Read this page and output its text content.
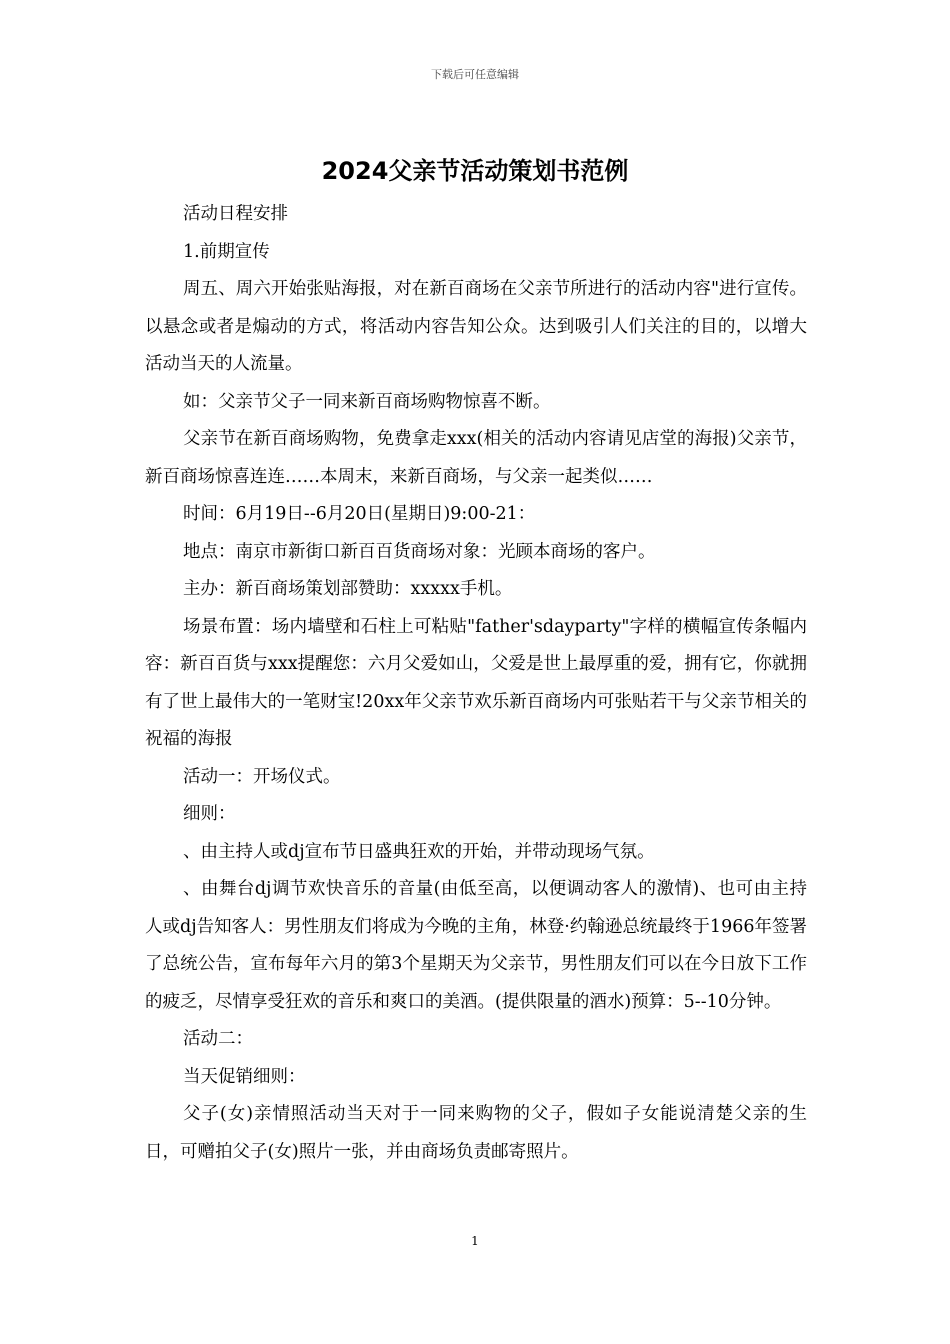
下载后可任意编辑
2024父亲节活动策划书范例

活动日程安排

1.前期宣传

周五、周六开始张贴海报，对在新百商场在父亲节所进行的活动内容"进行宣传。以悬念或者是煽动的方式，将活动内容告知公众。达到吸引人们关注的目的，以增大活动当天的人流量。

如：父亲节父子一同来新百商场购物惊喜不断。

父亲节在新百商场购物，免费拿走xxx(相关的活动内容请见店堂的海报)父亲节，新百商场惊喜连连……本周末，来新百商场，与父亲一起类似……

时间：6月19日--6月20日(星期日)9:00-21：

地点：南京市新街口新百百货商场对象：光顾本商场的客户。

主办：新百商场策划部赞助：xxxxx手机。

场景布置：场内墙壁和石柱上可粘贴"father'sdayparty"字样的横幅宣传条幅内容：新百百货与xxx提醒您：六月父爱如山，父爱是世上最厚重的爱，拥有它，你就拥有了世上最伟大的一笔财宝!20xx年父亲节欢乐新百商场内可张贴若干与父亲节相关的祝福的海报

活动一：开场仪式。

细则：

、由主持人或dj宣布节日盛典狂欢的开始，并带动现场气氛。

、由舞台dj调节欢快音乐的音量(由低至高，以便调动客人的激情)、也可由主持人或dj告知客人：男性朋友们将成为今晚的主角，林登·约翰逊总统最终于1966年签署了总统公告，宣布每年六月的第3个星期天为父亲节，男性朋友们可以在今日放下工作的疲乏，尽情享受狂欢的音乐和爽口的美酒。(提供限量的酒水)预算：5--10分钟。

活动二：

当天促销细则：

父子(女)亲情照活动当天对于一同来购物的父子，假如子女能说清楚父亲的生日，可赠拍父子(女)照片一张，并由商场负责邮寄照片。

1
